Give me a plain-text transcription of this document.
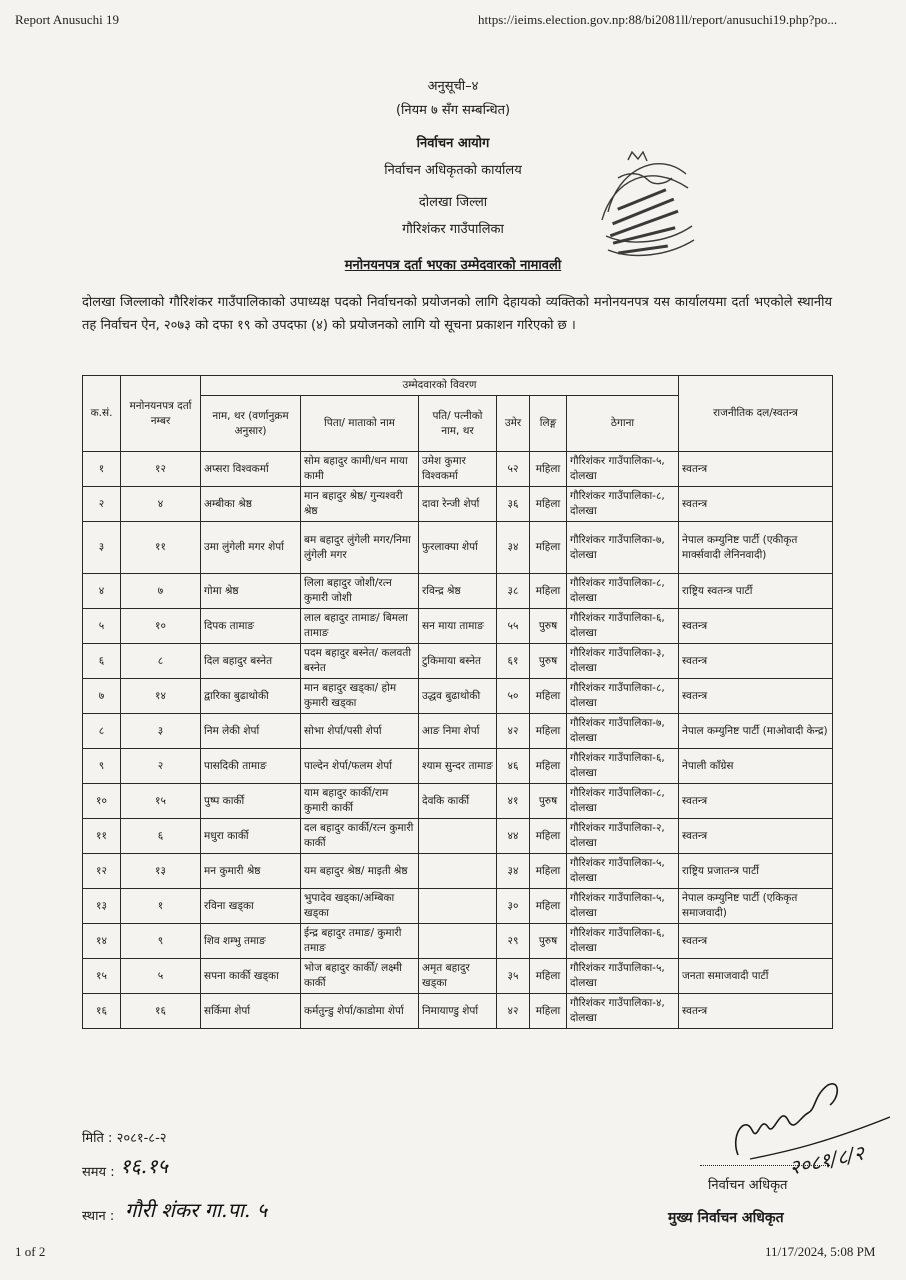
Report Anusuchi 19	https://ieims.election.gov.np:88/bi2081ll/report/anusuchi19.php?po...
अनुसूची–४
(नियम ७ सँग सम्बन्धित)
निर्वाचन आयोग
निर्वाचन अधिकृतको कार्यालय
दोलखा जिल्ला
गौरिशंकर गाउँपालिका
मनोनयनपत्र दर्ता भएका उम्मेदवारको नामावली
दोलखा जिल्लाको गौरिशंकर गाउँपालिकाको उपाध्यक्ष पदको निर्वाचनको प्रयोजनको लागि देहायको व्यक्तिको मनोनयनपत्र यस कार्यालयमा दर्ता भएकोले स्थानीय तह निर्वाचन ऐन, २०७३ को दफा १९ को उपदफा (४) को प्रयोजनको लागि यो सूचना प्रकाशन गरिएको छ ।
क.सं.	मनोनयनपत्र दर्ता नम्बर	उम्मेदवारको विवरण						राजनीतिक दल/स्वतन्त्र
		नाम, थर (वर्णानुक्रम अनुसार)	पिता/ माताको नाम	पति/ पत्नीको नाम, थर	उमेर	लिङ्ग	ठेगाना	
१	१२	अप्सरा विश्वकर्मा	सोम बहादुर कामी/धन माया कामी	उमेश कुमार विश्वकर्मा	५२	महिला	गौरिशंकर गाउँपालिका-५, दोलखा	स्वतन्त्र
२	४	अम्बीका श्रेष्ठ	मान बहादुर श्रेष्ठ/ गुन्यश्वरी श्रेष्ठ	दावा रेन्जी शेर्पा	३६	महिला	गौरिशंकर गाउँपालिका-८, दोलखा	स्वतन्त्र
३	११	उमा लुंगेली मगर शेर्पा	बम बहादुर लुंगेली मगर/निमा लुंगेली मगर	फुरलाक्पा शेर्पा	३४	महिला	गौरिशंकर गाउँपालिका-७, दोलखा	नेपाल कम्युनिष्ट पार्टी (एकीकृत मार्क्सवादी लेनिनवादी)
४	७	गोमा श्रेष्ठ	लिला बहादुर जोशी/रत्न कुमारी जोशी	रविन्द्र श्रेष्ठ	३८	महिला	गौरिशंकर गाउँपालिका-८, दोलखा	राष्ट्रिय स्वतन्त्र पार्टी
५	१०	दिपक तामाङ	लाल बहादुर तामाङ/ बिमला तामाङ	सन माया तामाङ	५५	पुरुष	गौरिशंकर गाउँपालिका-६, दोलखा	स्वतन्त्र
६	८	दिल बहादुर बस्नेत	पदम बहादुर बस्नेत/ कलवती बस्नेत	टुकिमाया बस्नेत	६१	पुरुष	गौरिशंकर गाउँपालिका-३, दोलखा	स्वतन्त्र
७	१४	द्वारिका बुढाथोकी	मान बहादुर खड्का/ होम कुमारी खड्का	उद्धव बुढाथोकी	५०	महिला	गौरिशंकर गाउँपालिका-८, दोलखा	स्वतन्त्र
८	३	निम लेकी शेर्पा	सोभा शेर्पा/पसी शेर्पा	आङ निमा शेर्पा	४२	महिला	गौरिशंकर गाउँपालिका-७, दोलखा	नेपाल कम्युनिष्ट पार्टी (माओवादी केन्द्र)
९	२	पासदिकी तामाङ	पाल्देन शेर्पा/फलम शेर्पा	श्याम सुन्दर तामाङ	४६	महिला	गौरिशंकर गाउँपालिका-६, दोलखा	नेपाली काँग्रेस
१०	१५	पुष्प कार्की	याम बहादुर कार्की/राम कुमारी कार्की	देवकि कार्की	४१	पुरुष	गौरिशंकर गाउँपालिका-८, दोलखा	स्वतन्त्र
११	६	मधुरा कार्की	दल बहादुर कार्की/रत्न कुमारी कार्की		४४	महिला	गौरिशंकर गाउँपालिका-२, दोलखा	स्वतन्त्र
१२	१३	मन कुमारी श्रेष्ठ	यम बहादुर श्रेष्ठ/ माइती श्रेष्ठ		३४	महिला	गौरिशंकर गाउँपालिका-५, दोलखा	राष्ट्रिय प्रजातन्त्र पार्टी
१३	१	रविना खड्का	भुपादेव खड्का/अम्बिका खड्का		३०	महिला	गौरिशंकर गाउँपालिका-५, दोलखा	नेपाल कम्युनिष्ट पार्टी (एकिकृत समाजवादी)
१४	९	शिव शम्भु तमाङ	ईन्द्र बहादुर तमाङ/ कुमारी तमाङ		२९	पुरुष	गौरिशंकर गाउँपालिका-६, दोलखा	स्वतन्त्र
१५	५	सपना कार्की खड्का	भोज बहादुर कार्की/ लक्ष्मी कार्की	अमृत बहादुर खड्का	३५	महिला	गौरिशंकर गाउँपालिका-५, दोलखा	जनता समाजवादी पार्टी
१६	१६	सर्किमा शेर्पा	कर्मतुन्डु शेर्पा/काडोमा शेर्पा	निमायाण्डु शेर्पा	४२	महिला	गौरिशंकर गाउँपालिका-४, दोलखा	स्वतन्त्र
मिति : २०८१-८-२
समय : १६.१५
स्थान : गौरी शंकर गा.पा. ५
२०८१/८/२
निर्वाचन अधिकृत
मुख्य निर्वाचन अधिकृत
1 of 2	11/17/2024, 5:08 PM
